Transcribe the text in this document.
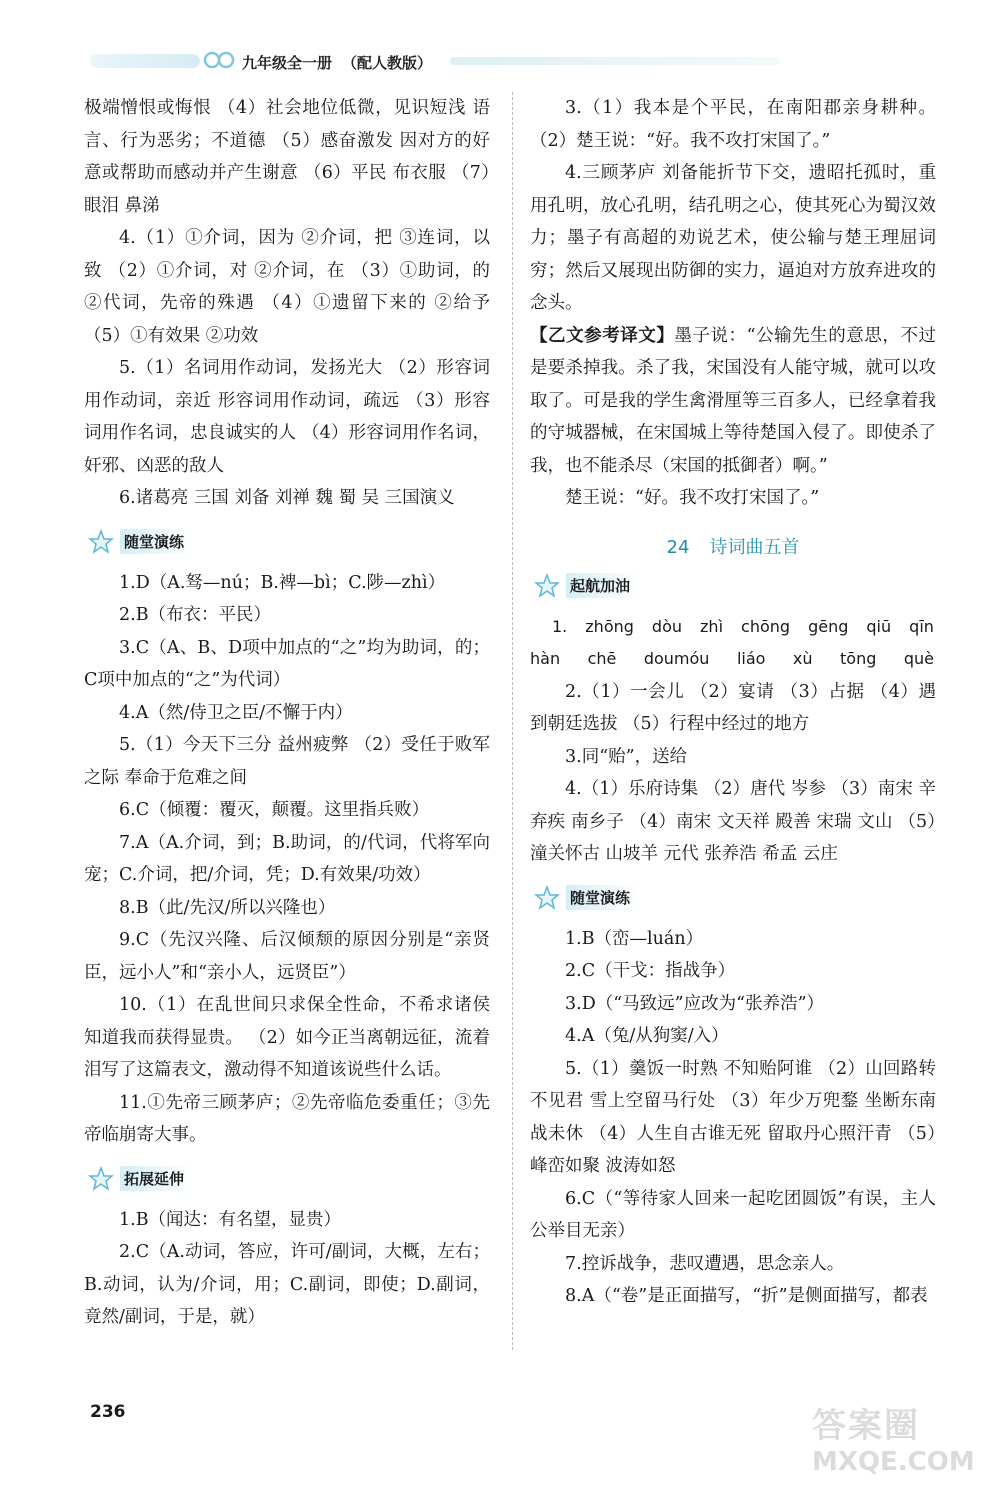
九年级全一册 （配人教版）

极端憎恨或悔恨 （4）社会地位低微，见识短浅 语言、行为恶劣；不道德 （5）感奋激发 因对方的好意或帮助而感动并产生谢意 （6）平民 布衣服 （7）眼泪 鼻涕

4.（1）①介词，因为 ②介词，把 ③连词，以致 （2）①介词，对 ②介词，在 （3）①助词，的 ②代词，先帝的殊遇 （4）①遗留下来的 ②给予 （5）①有效果 ②功效

5.（1）名词用作动词，发扬光大 （2）形容词用作动词，亲近 形容词用作动词，疏远 （3）形容词用作名词，忠良诚实的人 （4）形容词用作名词，奸邪、凶恶的敌人

6.诸葛亮 三国 刘备 刘禅 魏 蜀 吴 三国演义

随堂演练

1.D（A.驽—nú；B.裨—bì；C.陟—zhì）

2.B（布衣：平民）

3.C（A、B、D项中加点的“之”均为助词，的；C项中加点的“之”为代词）

4.A（然/侍卫之臣/不懈于内）

5.（1）今天下三分 益州疲弊 （2）受任于败军之际 奉命于危难之间

6.C（倾覆：覆灭，颠覆。这里指兵败）

7.A（A.介词，到；B.助词，的/代词，代将军向宠；C.介词，把/介词，凭；D.有效果/功效）

8.B（此/先汉/所以兴隆也）

9.C（先汉兴隆、后汉倾颓的原因分别是“亲贤臣，远小人”和“亲小人，远贤臣”）

10.（1）在乱世间只求保全性命，不希求诸侯知道我而获得显贵。 （2）如今正当离朝远征，流着泪写了这篇表文，激动得不知道该说些什么话。

11.①先帝三顾茅庐；②先帝临危委重任；③先帝临崩寄大事。

拓展延伸

1.B（闻达：有名望，显贵）

2.C（A.动词，答应，许可/副词，大概，左右；B.动词，认为/介词，用；C.副词，即使；D.副词，竟然/副词，于是，就）

3.（1）我本是个平民，在南阳郡亲身耕种。（2）楚王说：“好。我不攻打宋国了。”

4.三顾茅庐 刘备能折节下交，遗昭托孤时，重用孔明，放心孔明，结孔明之心，使其死心为蜀汉效力；墨子有高超的劝说艺术，使公输与楚王理屈词穷；然后又展现出防御的实力，逼迫对方放弃进攻的念头。

【乙文参考译文】墨子说：“公输先生的意思，不过是要杀掉我。杀了我，宋国没有人能守城，就可以攻取了。可是我的学生禽滑厘等三百多人，已经拿着我的守城器械，在宋国城上等待楚国入侵了。即使杀了我，也不能杀尽（宋国的抵御者）啊。”

楚王说：“好。我不攻打宋国了。”

24 诗词曲五首
起航加油
1. zhōng dòu zhì chōng gēng qiū qīn
hàn chē doumóu liáo xù tōng què

2.（1）一会儿 （2）宴请 （3）占据 （4）遇到朝廷选拔 （5）行程中经过的地方

3.同“贻”，送给

4.（1）乐府诗集 （2）唐代 岑参 （3）南宋 辛弃疾 南乡子 （4）南宋 文天祥 殿善 宋瑞 文山 （5）潼关怀古 山坡羊 元代 张养浩 希孟 云庄

随堂演练

1.B（峦—luán）

2.C（干戈：指战争）

3.D（“马致远”应改为“张养浩”）

4.A（兔/从狗窦/入）

5.（1）羹饭一时熟 不知贻阿谁 （2）山回路转不见君 雪上空留马行处 （3）年少万兜鍪 坐断东南战未休 （4）人生自古谁无死 留取丹心照汗青 （5）峰峦如聚 波涛如怒

6.C（“等待家人回来一起吃团圆饭”有误，主人公举目无亲）

7.控诉战争，悲叹遭遇，思念亲人。

8.A（“卷”是正面描写，“折”是侧面描写，都表

236	答案圈
MXQE.COM
